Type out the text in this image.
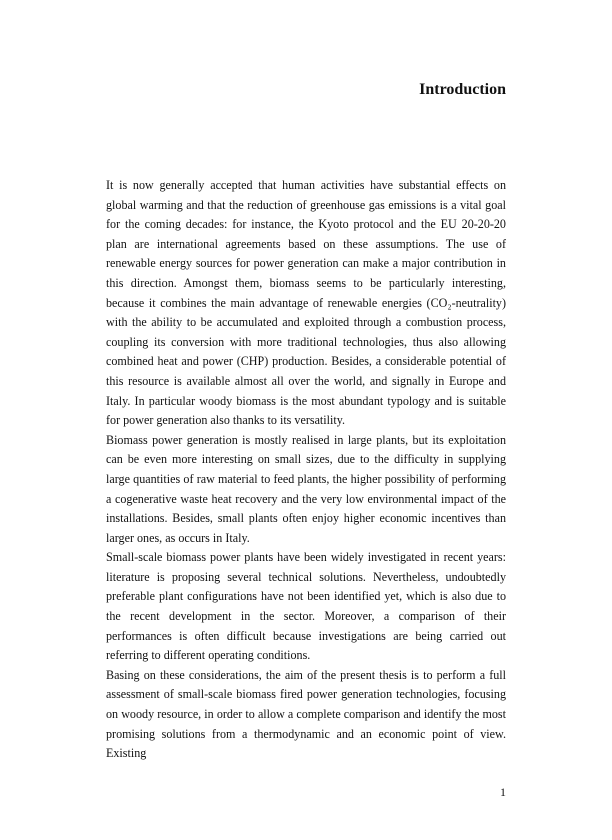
Introduction
It is now generally accepted that human activities have substantial effects on global warming and that the reduction of greenhouse gas emissions is a vital goal for the coming decades: for instance, the Kyoto protocol and the EU 20-20-20 plan are international agreements based on these assumptions. The use of renewable energy sources for power generation can make a major contribution in this direction. Amongst them, biomass seems to be particularly interesting, because it combines the main advantage of renewable energies (CO₂-neutrality) with the ability to be accumulated and exploited through a combustion process, coupling its conversion with more traditional technologies, thus also allowing combined heat and power (CHP) production. Besides, a considerable potential of this resource is available almost all over the world, and signally in Europe and Italy. In particular woody biomass is the most abundant typology and is suitable for power generation also thanks to its versatility.
Biomass power generation is mostly realised in large plants, but its exploitation can be even more interesting on small sizes, due to the difficulty in supplying large quantities of raw material to feed plants, the higher possibility of performing a cogenerative waste heat recovery and the very low environmental impact of the installations. Besides, small plants often enjoy higher economic incentives than larger ones, as occurs in Italy.
Small-scale biomass power plants have been widely investigated in recent years: literature is proposing several technical solutions. Nevertheless, undoubtedly preferable plant configurations have not been identified yet, which is also due to the recent development in the sector. Moreover, a comparison of their performances is often difficult because investigations are being carried out referring to different operating conditions.
Basing on these considerations, the aim of the present thesis is to perform a full assessment of small-scale biomass fired power generation technologies, focusing on woody resource, in order to allow a complete comparison and identify the most promising solutions from a thermodynamic and an economic point of view. Existing
1
